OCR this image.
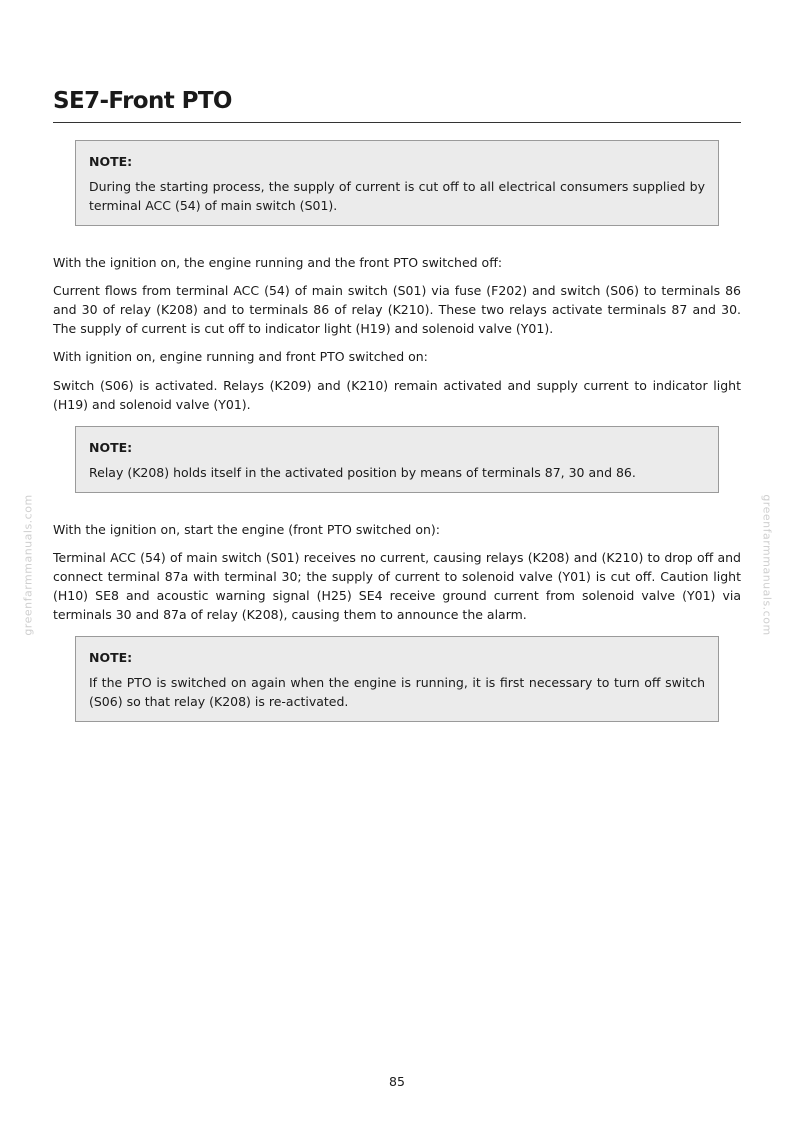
SE7-Front PTO

NOTE:

During the starting process, the supply of current is cut off to all electrical consumers supplied by terminal ACC (54) of main switch (S01).

With the ignition on, the engine running and the front PTO switched off:

Current flows from terminal ACC (54) of main switch (S01) via fuse (F202) and switch (S06) to terminals 86 and 30 of relay (K208) and to terminals 86 of relay (K210). These two relays activate terminals 87 and 30. The supply of current is cut off to indicator light (H19) and solenoid valve (Y01).

With ignition on, engine running and front PTO switched on:

Switch (S06) is activated. Relays (K209) and (K210) remain activated and supply current to indicator light (H19) and solenoid valve (Y01).

NOTE:

Relay (K208) holds itself in the activated position by means of terminals 87, 30 and 86.

With the ignition on, start the engine (front PTO switched on):

Terminal ACC (54) of main switch (S01) receives no current, causing relays (K208) and (K210) to drop off and connect terminal 87a with terminal 30; the supply of current to solenoid valve (Y01) is cut off. Caution light (H10) SE8 and acoustic warning signal (H25) SE4 receive ground current from solenoid valve (Y01) via terminals 30 and 87a of relay (K208), causing them to announce the alarm.

NOTE:

If the PTO is switched on again when the engine is running, it is first necessary to turn off switch (S06) so that relay (K208) is re-activated.

greenfarmmanuals.com	greenfarmmanuals.com
85
